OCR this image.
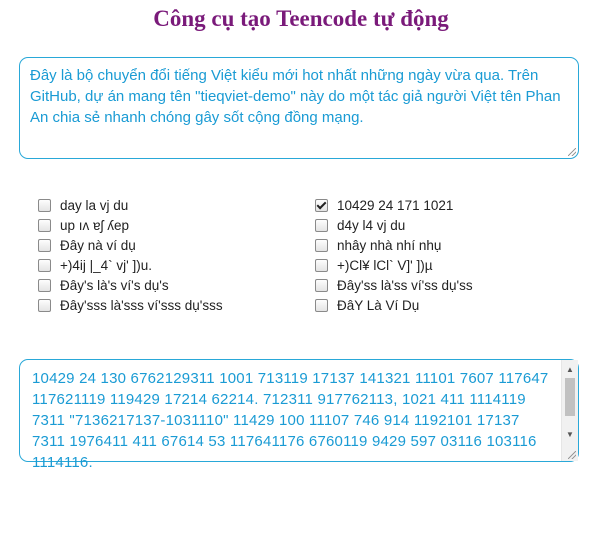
Công cụ tạo Teencode tự động
Đây là bộ chuyển đổi tiếng Việt kiểu mới hot nhất những ngày vừa qua. Trên GitHub, dự án mang tên "tieqviet-demo" này do một tác giả người Việt tên Phan An chia sẻ nhanh chóng gây sốt cộng đồng mạng.
day la vj du
up ıʌ ɐʃ ʎep
Đây nà ví dụ
+)4ij |_4` vj' ])u.
Đây's là's ví's dụ's
Đây'sss là'sss ví'sss dụ'sss
10429 24 171 1021
d4y l4 vj du
nhây nhà nhí nhụ
+)Cl¥ lCl` V]' ])µ
Đây'ss là'ss ví'ss dụ'ss
ĐâY Là Ví Dụ
10429 24 130 6762129311 1001 713119 17137 141321 11101 7607 117647 117621119 119429 17214 62214. 712311 917762113, 1021 411 1114119 7311 "7136217137-1031110" 11429 100 11107 746 914 1192101 17137 7311 1976411 411 67614 53 117641176 6760119 9429 597 03116 103116 1114116.
▲
▼
